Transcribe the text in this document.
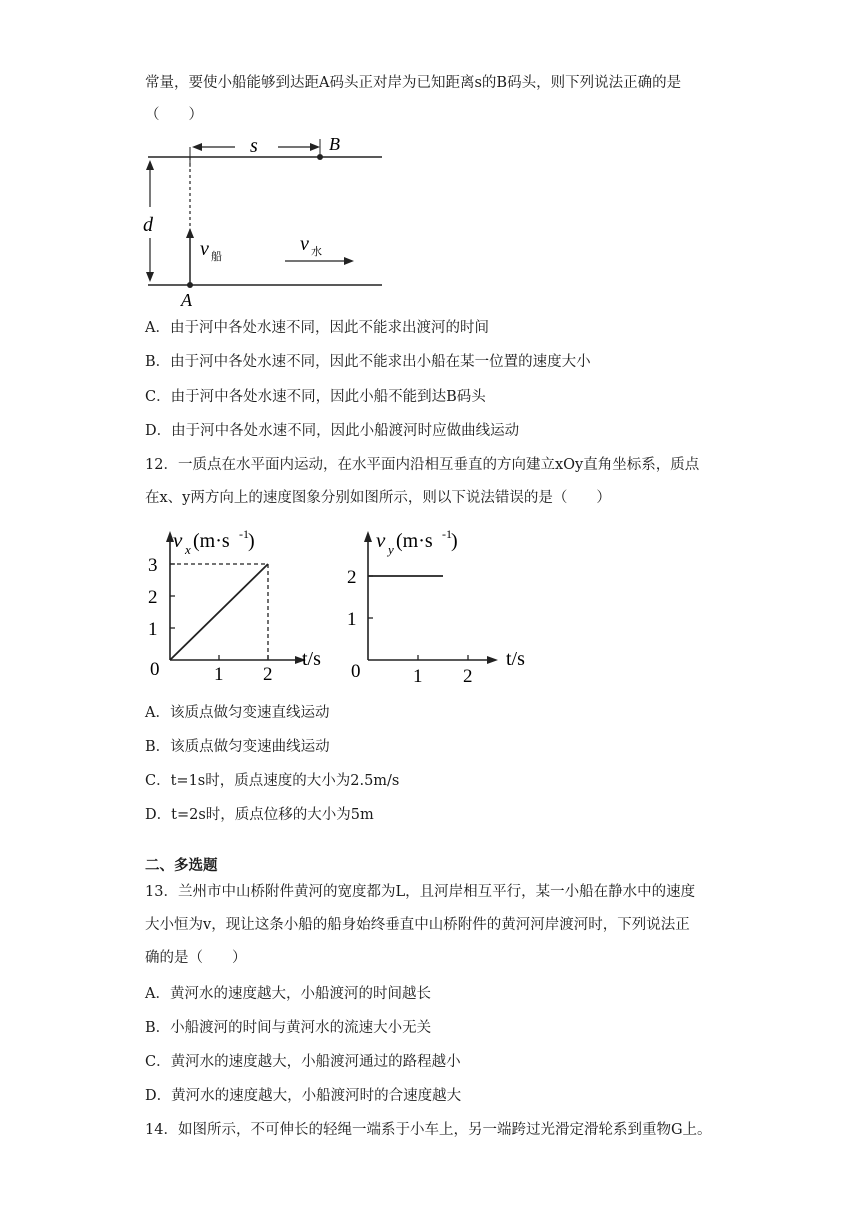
常量，要使小船能够到达距A码头正对岸为已知距离s的B码头，则下列说法正确的是
（　　）
s	B
d
A
v 船
v 水
A．由于河中各处水速不同，因此不能求出渡河的时间
B．由于河中各处水速不同，因此不能求出小船在某一位置的速度大小
C．由于河中各处水速不同，因此小船不能到达B码头
D．由于河中各处水速不同，因此小船渡河时应做曲线运动
12．一质点在水平面内运动，在水平面内沿相互垂直的方向建立xOy直角坐标系，质点
在x、y两方向上的速度图象分别如图所示，则以下说法错误的是（　　）
1 2
3
2
1
v x (m·s -1 )
t/s
0	1 2
2
1
v y (m·s -1 )
t/s
0
A．该质点做匀变速直线运动
B．该质点做匀变速曲线运动
C．t=1s时，质点速度的大小为2.5m/s
D．t=2s时，质点位移的大小为5m
二、多选题
13．兰州市中山桥附件黄河的宽度都为L，且河岸相互平行，某一小船在静水中的速度
大小恒为v，现让这条小船的船身始终垂直中山桥附件的黄河河岸渡河时，下列说法正
确的是（　　）
A．黄河水的速度越大，小船渡河的时间越长
B．小船渡河的时间与黄河水的流速大小无关
C．黄河水的速度越大，小船渡河通过的路程越小
D．黄河水的速度越大，小船渡河时的合速度越大
14．如图所示，不可伸长的轻绳一端系于小车上，另一端跨过光滑定滑轮系到重物G上。
